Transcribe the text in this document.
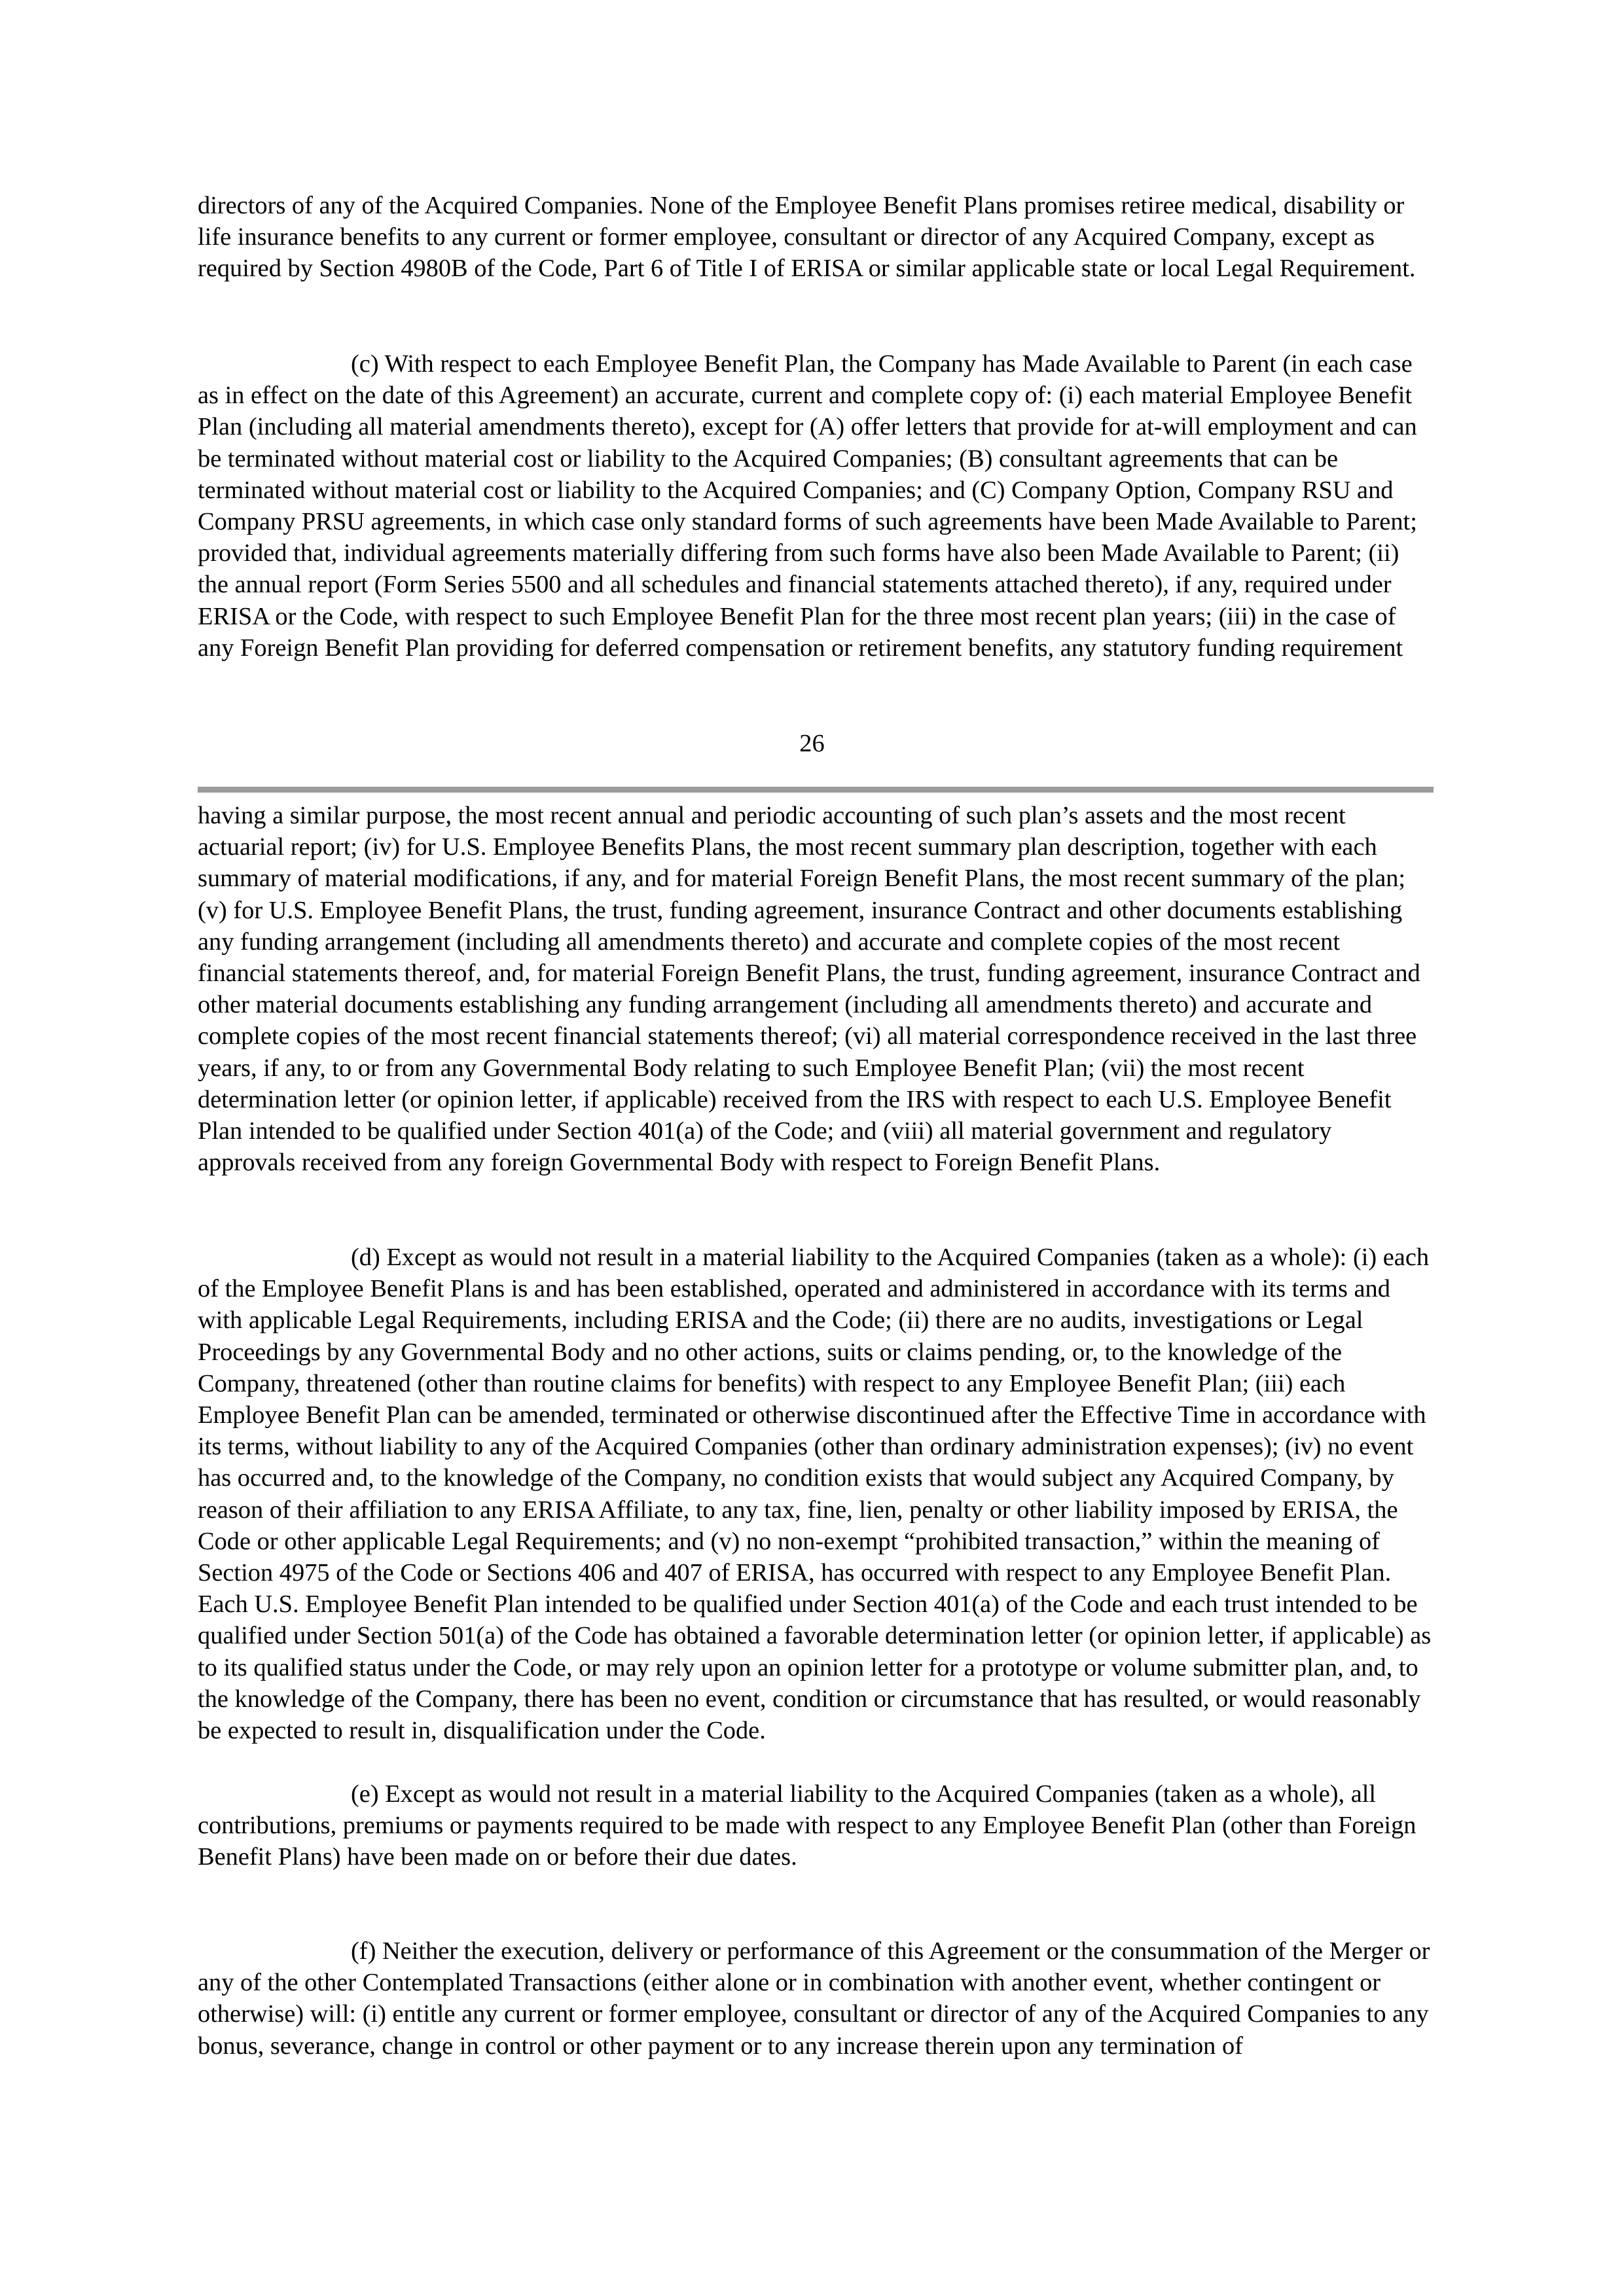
directors of any of the Acquired Companies. None of the Employee Benefit Plans promises retiree medical, disability or life insurance benefits to any current or former employee, consultant or director of any Acquired Company, except as required by Section 4980B of the Code, Part 6 of Title I of ERISA or similar applicable state or local Legal Requirement.

(c) With respect to each Employee Benefit Plan, the Company has Made Available to Parent (in each case as in effect on the date of this Agreement) an accurate, current and complete copy of: (i) each material Employee Benefit Plan (including all material amendments thereto), except for (A) offer letters that provide for at-will employment and can be terminated without material cost or liability to the Acquired Companies; (B) consultant agreements that can be terminated without material cost or liability to the Acquired Companies; and (C) Company Option, Company RSU and Company PRSU agreements, in which case only standard forms of such agreements have been Made Available to Parent; provided that, individual agreements materially differing from such forms have also been Made Available to Parent; (ii) the annual report (Form Series 5500 and all schedules and financial statements attached thereto), if any, required under ERISA or the Code, with respect to such Employee Benefit Plan for the three most recent plan years; (iii) in the case of any Foreign Benefit Plan providing for deferred compensation or retirement benefits, any statutory funding requirement

26

having a similar purpose, the most recent annual and periodic accounting of such plan’s assets and the most recent actuarial report; (iv) for U.S. Employee Benefits Plans, the most recent summary plan description, together with each summary of material modifications, if any, and for material Foreign Benefit Plans, the most recent summary of the plan; (v) for U.S. Employee Benefit Plans, the trust, funding agreement, insurance Contract and other documents establishing any funding arrangement (including all amendments thereto) and accurate and complete copies of the most recent financial statements thereof, and, for material Foreign Benefit Plans, the trust, funding agreement, insurance Contract and other material documents establishing any funding arrangement (including all amendments thereto) and accurate and complete copies of the most recent financial statements thereof; (vi) all material correspondence received in the last three years, if any, to or from any Governmental Body relating to such Employee Benefit Plan; (vii) the most recent determination letter (or opinion letter, if applicable) received from the IRS with respect to each U.S. Employee Benefit Plan intended to be qualified under Section 401(a) of the Code; and (viii) all material government and regulatory approvals received from any foreign Governmental Body with respect to Foreign Benefit Plans.

(d) Except as would not result in a material liability to the Acquired Companies (taken as a whole): (i) each of the Employee Benefit Plans is and has been established, operated and administered in accordance with its terms and with applicable Legal Requirements, including ERISA and the Code; (ii) there are no audits, investigations or Legal Proceedings by any Governmental Body and no other actions, suits or claims pending, or, to the knowledge of the Company, threatened (other than routine claims for benefits) with respect to any Employee Benefit Plan; (iii) each Employee Benefit Plan can be amended, terminated or otherwise discontinued after the Effective Time in accordance with its terms, without liability to any of the Acquired Companies (other than ordinary administration expenses); (iv) no event has occurred and, to the knowledge of the Company, no condition exists that would subject any Acquired Company, by reason of their affiliation to any ERISA Affiliate, to any tax, fine, lien, penalty or other liability imposed by ERISA, the Code or other applicable Legal Requirements; and (v) no non-exempt “prohibited transaction,” within the meaning of Section 4975 of the Code or Sections 406 and 407 of ERISA, has occurred with respect to any Employee Benefit Plan. Each U.S. Employee Benefit Plan intended to be qualified under Section 401(a) of the Code and each trust intended to be qualified under Section 501(a) of the Code has obtained a favorable determination letter (or opinion letter, if applicable) as to its qualified status under the Code, or may rely upon an opinion letter for a prototype or volume submitter plan, and, to the knowledge of the Company, there has been no event, condition or circumstance that has resulted, or would reasonably be expected to result in, disqualification under the Code.

(e) Except as would not result in a material liability to the Acquired Companies (taken as a whole), all contributions, premiums or payments required to be made with respect to any Employee Benefit Plan (other than Foreign Benefit Plans) have been made on or before their due dates.

(f) Neither the execution, delivery or performance of this Agreement or the consummation of the Merger or any of the other Contemplated Transactions (either alone or in combination with another event, whether contingent or otherwise) will: (i) entitle any current or former employee, consultant or director of any of the Acquired Companies to any bonus, severance, change in control or other payment or to any increase therein upon any termination of
